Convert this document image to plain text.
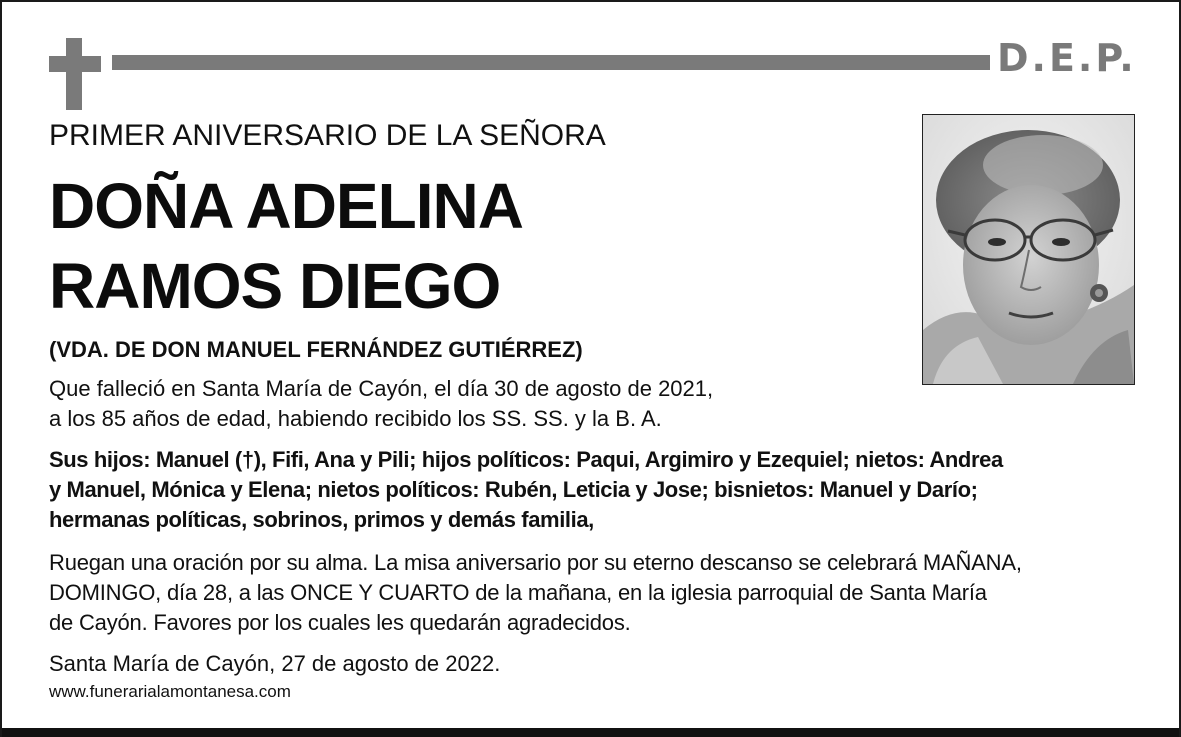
D.E.P.
PRIMER ANIVERSARIO DE LA SEÑORA
DOÑA ADELINA
RAMOS DIEGO
(VDA. DE DON MANUEL FERNÁNDEZ GUTIÉRREZ)
Que falleció en Santa María de Cayón, el día 30 de agosto de 2021,
a los 85 años de edad, habiendo recibido los SS. SS. y la B. A.
Sus hijos: Manuel (†), Fifi, Ana y Pili; hijos políticos: Paqui, Argimiro y Ezequiel; nietos: Andrea
y Manuel, Mónica y Elena; nietos políticos: Rubén, Leticia y Jose; bisnietos: Manuel y Darío;
hermanas políticas, sobrinos, primos y demás familia,
Ruegan una oración por su alma. La misa aniversario por su eterno descanso se celebrará MAÑANA,
DOMINGO, día 28, a las ONCE Y CUARTO de la mañana, en la iglesia parroquial de Santa María
de Cayón. Favores por los cuales les quedarán agradecidos.
Santa María de Cayón, 27 de agosto de 2022.
www.funerarialamontanesa.com
